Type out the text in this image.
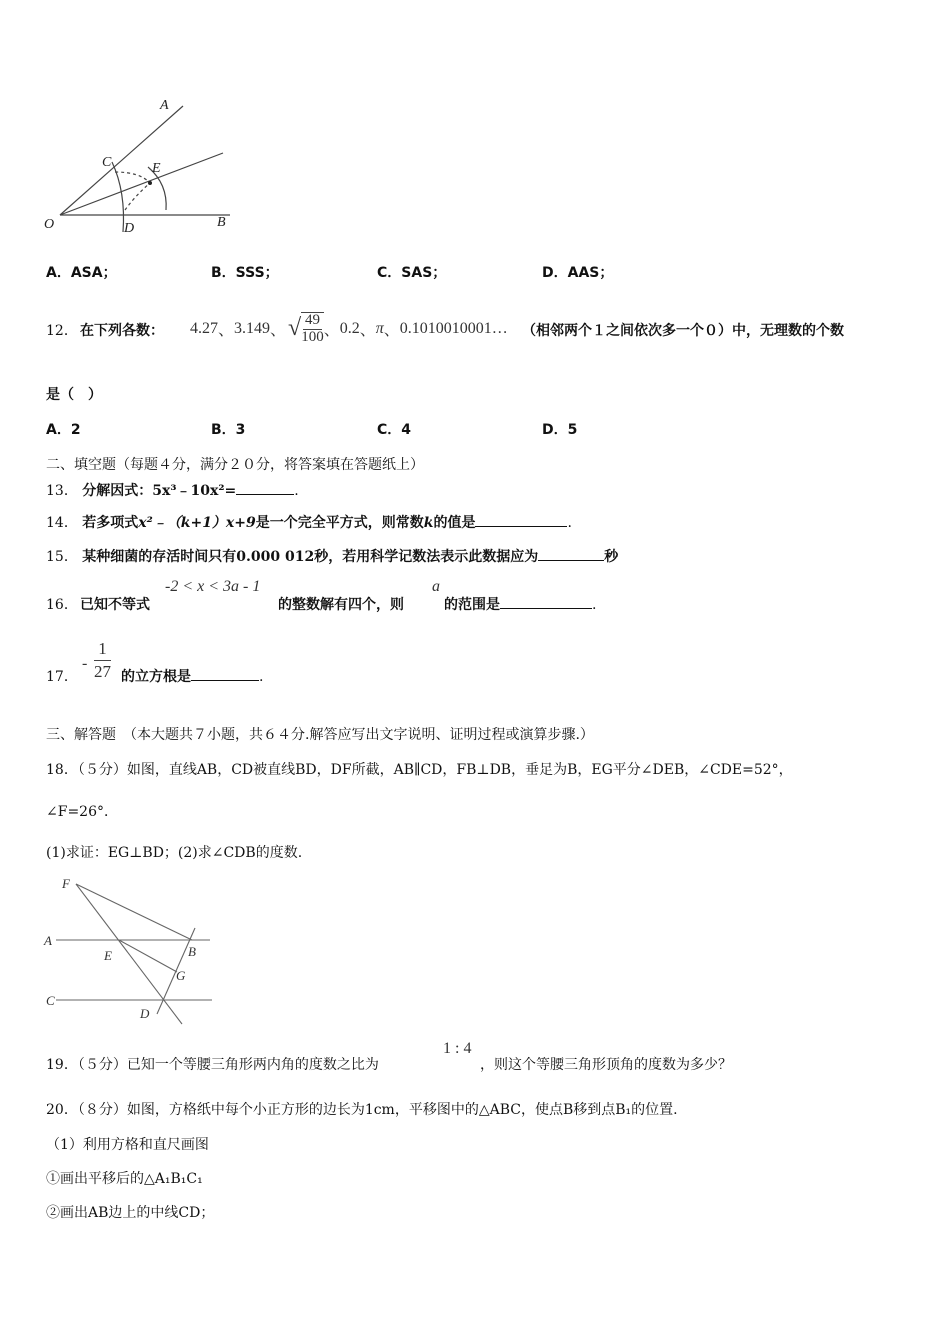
A
B
C
D
E
O
A．ASA；	B．SSS；	C．SAS；	D．AAS；
12． 在下列各数： 4.27 、 3.149 、 √ $\frac{49}{100}$ 、 0.2 、 π 、 0.1010010001… （相邻两个１之间依次多一个０）中，无理数的个数
是（　）
A．2	B．3	C．4	D．5
二、填空题（每题４分，满分２０分，将答案填在答题纸上）
13． 分解因式：5x³﹣10x²=	.
14． 若多项式x²﹣（k+1）x+9是一个完全平方式，则常数k的值是	.
15． 某种细菌的存活时间只有0.000 012秒，若用科学记数法表示此数据应为	秒
16． 已知不等式
-2 < x < 3a - 1
的整数解有四个，则
a
的范围是	.
17．
- $\frac{1}{27}$ 的立方根是	.
三、解答题　（本大题共７小题，共６４分.解答应写出文字说明、证明过程或演算步骤.）
18．（５分）如图，直线AB，CD被直线BD，DF所截，AB∥CD，FB⊥DB，垂足为B，EG平分∠DEB，∠CDE=52°，
∠F=26°．
(1)求证：EG⊥BD；(2)求∠CDB的度数.
F
A
E	B
G
C
D
19．（５分）已知一个等腰三角形两内角的度数之比为
1 : 4
，则这个等腰三角形顶角的度数为多少？
20．（８分）如图，方格纸中每个小正方形的边长为1cm，平移图中的△ABC，使点B移到点B₁的位置.
（1）利用方格和直尺画图
①画出平移后的△A₁B₁C₁
②画出AB边上的中线CD；
